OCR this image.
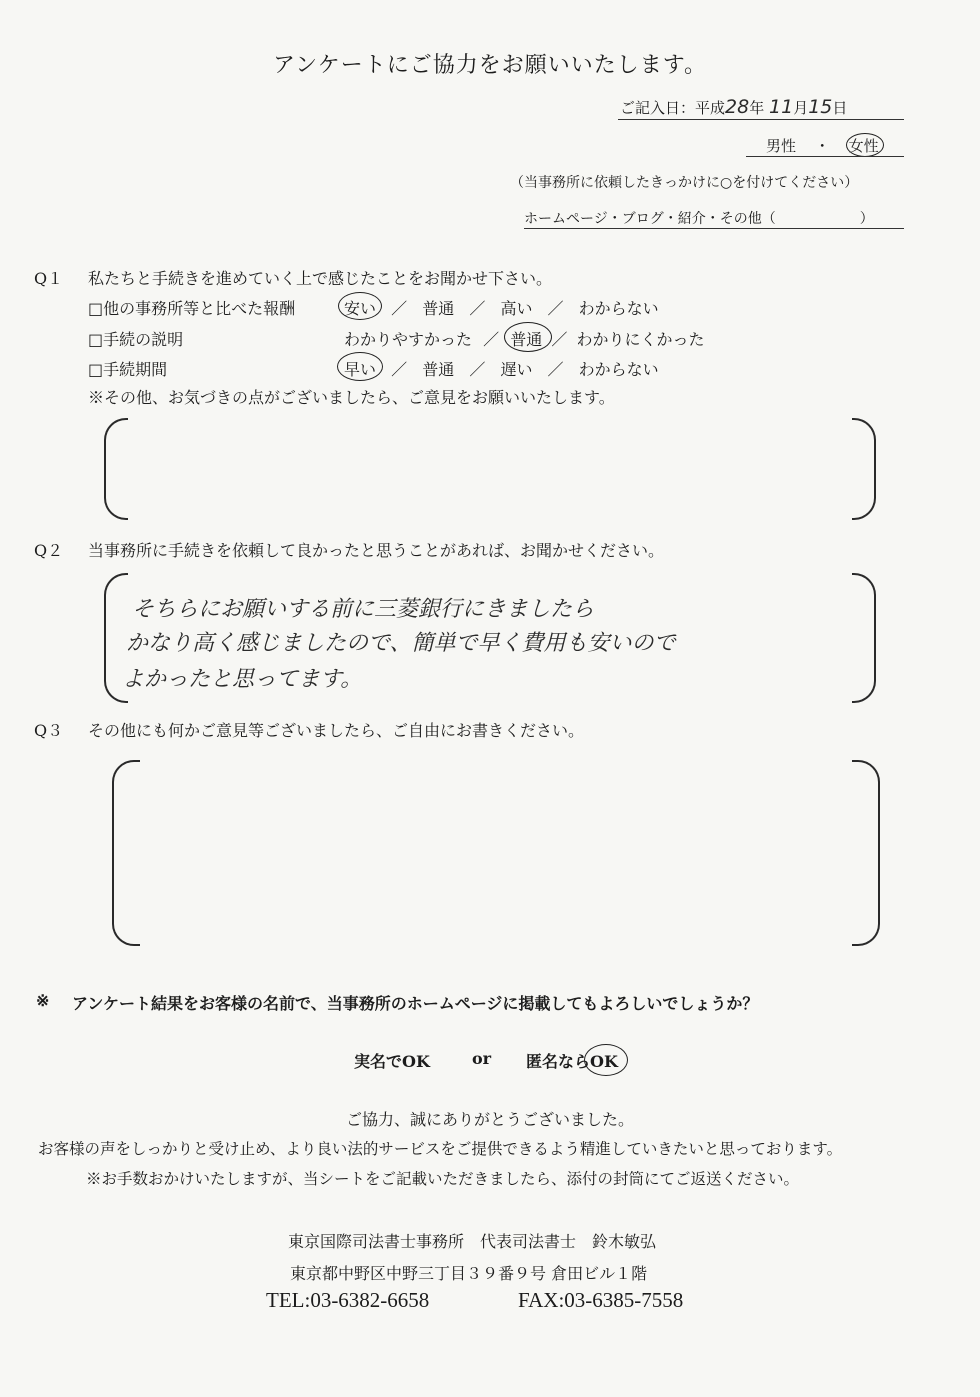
アンケートにご協力をお願いいたします。
ご記入日：平成28年 11月15日
男性 ・ 女性
（当事務所に依頼したきっかけに○を付けてください）
ホームページ・ブログ・紹介・その他（　　　　　　）
Q１ 私たちと手続きを進めていく上で感じたことをお聞かせ下さい。
□他の事務所等と比べた報酬	安い ／ 普通 ／ 高い ／ わからない
□手続の説明	わかりやすかった ／ 普通 ／ わかりにくかった
□手続期間	早い ／ 普通 ／ 遅い ／ わからない
※その他、お気づきの点がございましたら、ご意見をお願いいたします。
Q２ 当事務所に手続きを依頼して良かったと思うことがあれば、お聞かせください。
そちらにお願いする前に三菱銀行にきましたら
かなり高く感じましたので、簡単で早く費用も安いので
よかったと思ってます。
Q３ その他にも何かご意見等ございましたら、ご自由にお書きください。
※ アンケート結果をお客様の名前で、当事務所のホームページに掲載してもよろしいでしょうか？
実名でOK	or 匿名ならOK
ご協力、誠にありがとうございました。
お客様の声をしっかりと受け止め、より良い法的サービスをご提供できるよう精進していきたいと思っております。
※お手数おかけいたしますが、当シートをご記載いただきましたら、添付の封筒にてご返送ください。
東京国際司法書士事務所　代表司法書士　鈴木敏弘
東京都中野区中野三丁目３９番９号 倉田ビル１階
TEL:03-6382-6658	FAX:03-6385-7558
